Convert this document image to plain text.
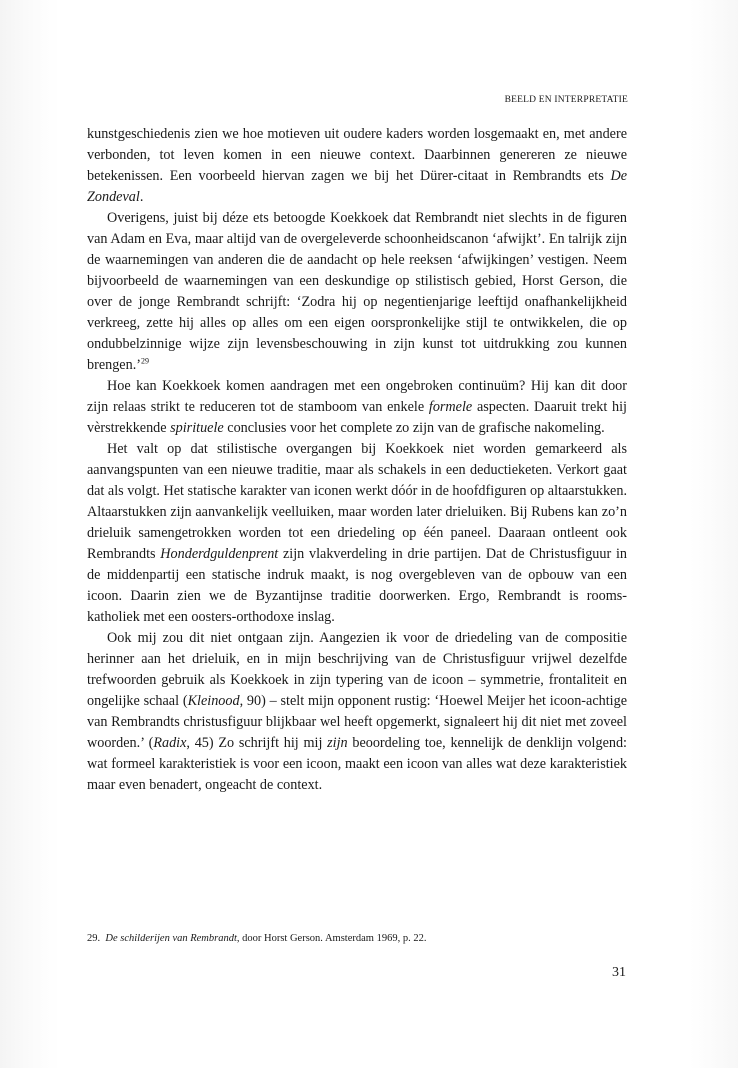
BEELD EN INTERPRETATIE

kunstgeschiedenis zien we hoe motieven uit oudere kaders worden losgemaakt en, met andere verbonden, tot leven komen in een nieuwe context. Daarbinnen genereren ze nieuwe betekenissen. Een voorbeeld hiervan zagen we bij het Dürer-citaat in Rembrandts ets De Zondeval.

Overigens, juist bij déze ets betoogde Koekkoek dat Rembrandt niet slechts in de figuren van Adam en Eva, maar altijd van de overgeleverde schoonheidscanon ‘afwijkt’. En talrijk zijn de waarnemingen van anderen die de aandacht op hele reeksen ‘afwijkingen’ vestigen. Neem bijvoorbeeld de waarnemingen van een deskundige op stilistisch gebied, Horst Gerson, die over de jonge Rembrandt schrijft: ‘Zodra hij op negentienjarige leeftijd onafhankelijkheid verkreeg, zette hij alles op alles om een eigen oorspronkelijke stijl te ontwikkelen, die op ondubbelzinnige wijze zijn levensbeschouwing in zijn kunst tot uitdrukking zou kunnen brengen.’$^{29}$

Hoe kan Koekkoek komen aandragen met een ongebroken continuüm? Hij kan dit door zijn relaas strikt te reduceren tot de stamboom van enkele formele aspecten. Daaruit trekt hij vèrstrekkende spirituele conclusies voor het complete zo zijn van de grafische nakomeling.

Het valt op dat stilistische overgangen bij Koekkoek niet worden gemarkeerd als aanvangspunten van een nieuwe traditie, maar als schakels in een deductieketen. Verkort gaat dat als volgt. Het statische karakter van iconen werkt dóór in de hoofdfiguren op altaarstukken. Altaarstukken zijn aanvankelijk veelluiken, maar worden later drieluiken. Bij Rubens kan zo’n drieluik samengetrokken worden tot een driedeling op één paneel. Daaraan ontleent ook Rembrandts Honderdguldenprent zijn vlakverdeling in drie partijen. Dat de Christusfiguur in de middenpartij een statische indruk maakt, is nog overgebleven van de opbouw van een icoon. Daarin zien we de Byzantijnse traditie doorwerken. Ergo, Rembrandt is rooms-katholiek met een oosters-orthodoxe inslag.

Ook mij zou dit niet ontgaan zijn. Aangezien ik voor de driedeling van de compositie herinner aan het drieluik, en in mijn beschrijving van de Christusfiguur vrijwel dezelfde trefwoorden gebruik als Koekkoek in zijn typering van de icoon – symmetrie, frontaliteit en ongelijke schaal (Kleinood, 90) – stelt mijn opponent rustig: ‘Hoewel Meijer het icoon-achtige van Rembrandts christusfiguur blijkbaar wel heeft opgemerkt, signaleert hij dit niet met zoveel woorden.’ (Radix, 45) Zo schrijft hij mij zijn beoordeling toe, kennelijk de denklijn volgend: wat formeel karakteristiek is voor een icoon, maakt een icoon van alles wat deze karakteristiek maar even benadert, ongeacht de context.

29. De schilderijen van Rembrandt, door Horst Gerson. Amsterdam 1969, p. 22.
31
